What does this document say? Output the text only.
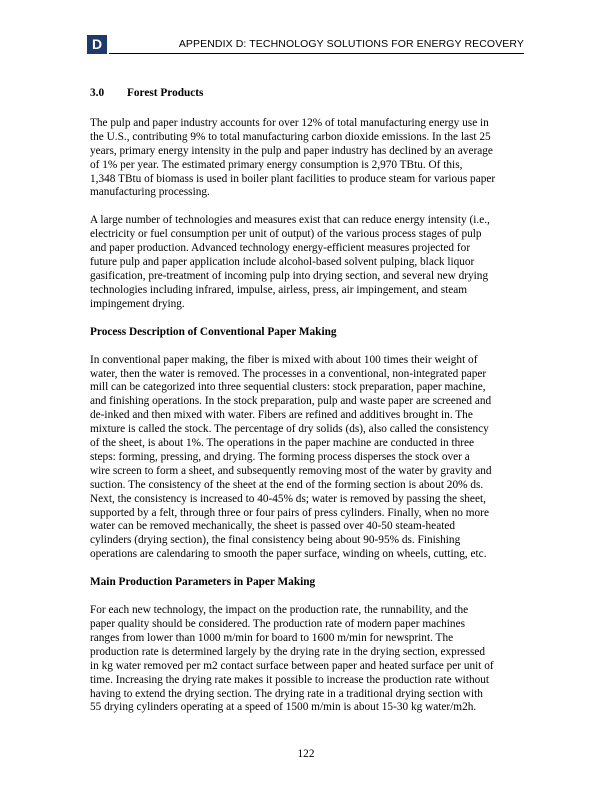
D	APPENDIX D: TECHNOLOGY SOLUTIONS FOR ENERGY RECOVERY
3.0 Forest Products
The pulp and paper industry accounts for over 12% of total manufacturing energy use in
the U.S., contributing 9% to total manufacturing carbon dioxide emissions. In the last 25
years, primary energy intensity in the pulp and paper industry has declined by an average
of 1% per year. The estimated primary energy consumption is 2,970 TBtu. Of this,
1,348 TBtu of biomass is used in boiler plant facilities to produce steam for various paper
manufacturing processing.
A large number of technologies and measures exist that can reduce energy intensity (i.e.,
electricity or fuel consumption per unit of output) of the various process stages of pulp
and paper production. Advanced technology energy-efficient measures projected for
future pulp and paper application include alcohol-based solvent pulping, black liquor
gasification, pre-treatment of incoming pulp into drying section, and several new drying
technologies including infrared, impulse, airless, press, air impingement, and steam
impingement drying.
Process Description of Conventional Paper Making
In conventional paper making, the fiber is mixed with about 100 times their weight of
water, then the water is removed. The processes in a conventional, non-integrated paper
mill can be categorized into three sequential clusters: stock preparation, paper machine,
and finishing operations. In the stock preparation, pulp and waste paper are screened and
de-inked and then mixed with water. Fibers are refined and additives brought in. The
mixture is called the stock. The percentage of dry solids (ds), also called the consistency
of the sheet, is about 1%. The operations in the paper machine are conducted in three
steps: forming, pressing, and drying. The forming process disperses the stock over a
wire screen to form a sheet, and subsequently removing most of the water by gravity and
suction. The consistency of the sheet at the end of the forming section is about 20% ds.
Next, the consistency is increased to 40-45% ds; water is removed by passing the sheet,
supported by a felt, through three or four pairs of press cylinders. Finally, when no more
water can be removed mechanically, the sheet is passed over 40-50 steam-heated
cylinders (drying section), the final consistency being about 90-95% ds. Finishing
operations are calendaring to smooth the paper surface, winding on wheels, cutting, etc.
Main Production Parameters in Paper Making
For each new technology, the impact on the production rate, the runnability, and the
paper quality should be considered. The production rate of modern paper machines
ranges from lower than 1000 m/min for board to 1600 m/min for newsprint. The
production rate is determined largely by the drying rate in the drying section, expressed
in kg water removed per m2 contact surface between paper and heated surface per unit of
time. Increasing the drying rate makes it possible to increase the production rate without
having to extend the drying section. The drying rate in a traditional drying section with
55 drying cylinders operating at a speed of 1500 m/min is about 15-30 kg water/m2h.
122
